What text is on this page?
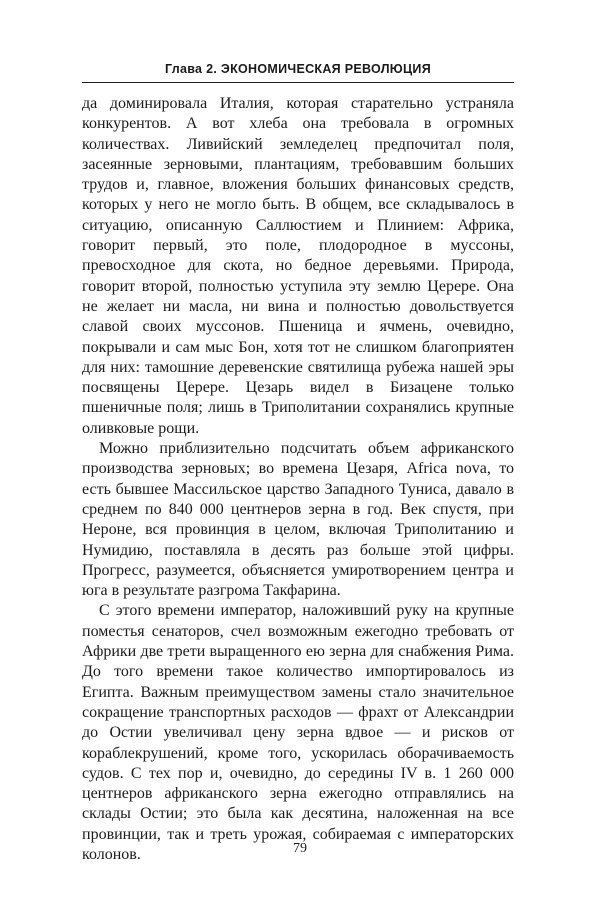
Глава 2. ЭКОНОМИЧЕСКАЯ РЕВОЛЮЦИЯ

да доминировала Италия, которая старательно устраняла конкурентов. А вот хлеба она требовала в огромных количествах. Ливийский земледелец предпочитал поля, засеянные зерновыми, плантациям, требовавшим больших трудов и, главное, вложения больших финансовых средств, которых у него не могло быть. В общем, все складывалось в ситуацию, описанную Саллюстием и Плинием: Африка, говорит первый, это поле, плодородное в муссоны, превосходное для скота, но бедное деревьями. Природа, говорит второй, полностью уступила эту землю Церере. Она не желает ни масла, ни вина и полностью довольствуется славой своих муссонов. Пшеница и ячмень, очевидно, покрывали и сам мыс Бон, хотя тот не слишком благоприятен для них: тамошние деревенские святилища рубежа нашей эры посвящены Церере. Цезарь видел в Бизацене только пшеничные поля; лишь в Триполитании сохранялись крупные оливковые рощи.

Можно приблизительно подсчитать объем африканского производства зерновых; во времена Цезаря, Africa nova, то есть бывшее Массильское царство Западного Туниса, давало в среднем по 840 000 центнеров зерна в год. Век спустя, при Нероне, вся провинция в целом, включая Триполитанию и Нумидию, поставляла в десять раз больше этой цифры. Прогресс, разумеется, объясняется умиротворением центра и юга в результате разгрома Такфарина.

С этого времени император, наложивший руку на крупные поместья сенаторов, счел возможным ежегодно требовать от Африки две трети выращенного ею зерна для снабжения Рима. До того времени такое количество импортировалось из Египта. Важным преимуществом замены стало значительное сокращение транспортных расходов — фрахт от Александрии до Остии увеличивал цену зерна вдвое — и рисков от кораблекрушений, кроме того, ускорилась оборачиваемость судов. С тех пор и, очевидно, до середины IV в. 1 260 000 центнеров африканского зерна ежегодно отправлялись на склады Остии; это была как десятина, наложенная на все провинции, так и треть урожая, собираемая с императорских колонов.	79
